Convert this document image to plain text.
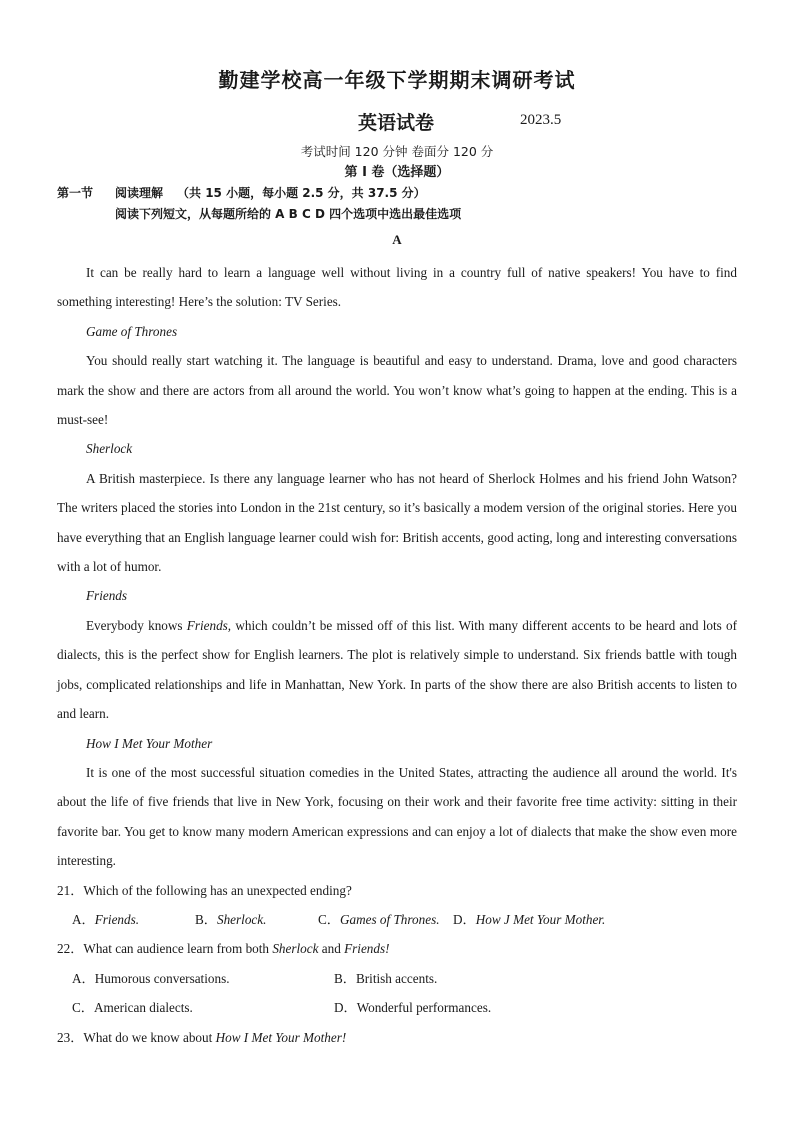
勤建学校高一年级下学期期末调研考试
英语试卷	2023.5
考试时间 120 分钟 卷面分 120 分
第 I 卷（选择题）
第一节 阅读理解 （共 15 小题，每小题 2.5 分，共 37.5 分）
阅读下列短文，从每题所给的 A B C D 四个选项中选出最佳选项
A

It can be really hard to learn a language well without living in a country full of native speakers! You have to find something interesting! Here’s the solution: TV Series.

Game of Thrones

You should really start watching it. The language is beautiful and easy to understand. Drama, love and good characters mark the show and there are actors from all around the world. You won’t know what’s going to happen at the ending. This is a must-see!

Sherlock

A British masterpiece. Is there any language learner who has not heard of Sherlock Holmes and his friend John Watson? The writers placed the stories into London in the 21st century, so it’s basically a modem version of the original stories. Here you have everything that an English language learner could wish for: British accents, good acting, long and interesting conversations with a lot of humor.

Friends

Everybody knows Friends, which couldn’t be missed off of this list. With many different accents to be heard and lots of dialects, this is the perfect show for English learners. The plot is relatively simple to understand. Six friends battle with tough jobs, complicated relationships and life in Manhattan, New York. In parts of the show there are also British accents to listen to and learn.

How I Met Your Mother

It is one of the most successful situation comedies in the United States, attracting the audience all around the world. It's about the life of five friends that live in New York, focusing on their work and their favorite free time activity: sitting in their favorite bar. You get to know many modern American expressions and can enjoy a lot of dialects that make the show even more interesting.

21．Which of the following has an unexpected ending?

A．Friends.	B．Sherlock.	C．Games of Thrones. D．How J Met Your Mother.

22．What can audience learn from both Sherlock and Friends!

A．Humorous conversations.	B．British accents.

C．American dialects.	D．Wonderful performances.

23．What do we know about How I Met Your Mother!
